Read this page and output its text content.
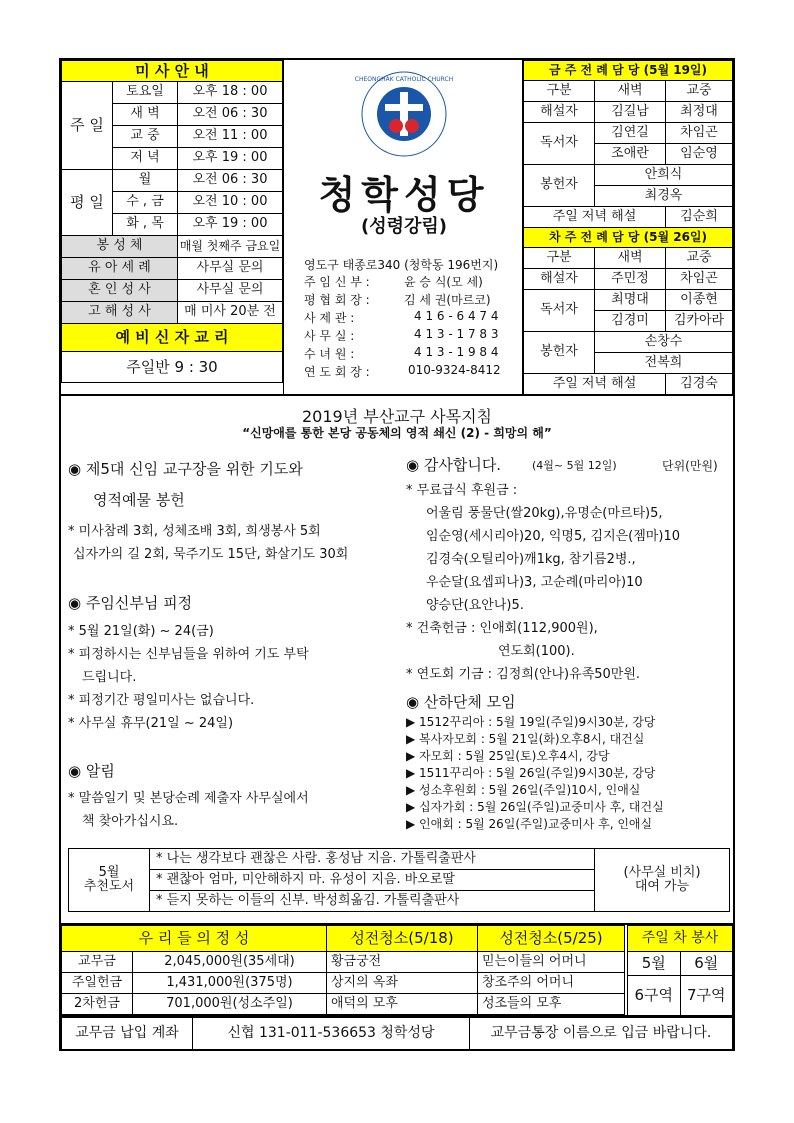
미 사 안 내		
주 일	토요일	오후 18 : 00
	새 벽	오전 06 : 30
	교 중	오전 11 : 00
	저 녁	오후 19 : 00
평 일	월	오전 06 : 30
	수 , 금	오전 10 : 00
	화 , 목	오후 19 : 00
봉 성 체		매월 첫째주 금요일
유 아 세 례		사무실 문의
혼 인 성 사		사무실 문의
고 해 성 사		매 미사 20분 전
예 비 신 자 교 리		
주일반 9 : 30		
CHEONGHAK CATHOLIC CHURCH
청학성당
(성령강림)
영도구 태종로340 (청학동 196번지)
주 임 신 부 :	윤 승 식(모 세)
평 협 회 장 :	김 세 권(마르코)
사 제 관 :	4 1 6 - 6 4 7 4
사 무 실 :	4 1 3 - 1 7 8 3
수 녀 원 :	4 1 3 - 1 9 8 4
연 도 회 장 :	010-9324-8412
금 주 전 례 담 당 (5월 19일)		
구분	새벽	교중
해설자	김길남	최정대
독서자	김연길	차임곤
	조애란	임순영
봉헌자	안희식	
	최경옥	
주일 저녁 해설		김순희
차 주 전 례 담 당 (5월 26일)		
구분	새벽	교중
해설자	주민정	차임곤
독서자	최명대	이종현
	김경미	김카아라
봉헌자	손창수	
	전복희	
주일 저녁 해설		김경숙
2019년 부산교구 사목지침
“신망애를 통한 본당 공동체의 영적 쇄신 (2) - 희망의 해”
◉ 제5대 신임 교구장을 위한 기도와
영적예물 봉헌
* 미사참례 3회, 성체조배 3회, 희생봉사 5회
십자가의 길 2회, 묵주기도 15단, 화살기도 30회
◉ 주임신부님 피정
* 5월 21일(화) ~ 24(금)
* 피정하시는 신부님들을 위하여 기도 부탁
드립니다.
* 피정기간 평일미사는 없습니다.
* 사무실 휴무(21일 ~ 24일)
◉ 알림
* 말씀일기 및 본당순례 제출자 사무실에서
책 찾아가십시요.
◉ 감사합니다.	(4월~ 5월 12일)	단위(만원)
* 무료급식 후원금 :
어울림 풍물단(쌀20kg),유명순(마르타)5,
임순영(세시리아)20, 익명5, 김지은(젬마)10
김경숙(오틸리아)깨1kg, 참기름2병.,
우순달(요셉피나)3, 고순례(마리아)10
양승단(요안나)5.
* 건축헌금 : 인애회(112,900원),
연도회(100).
* 연도회 기금 : 김정희(안나)유족50만원.
◉ 산하단체 모임
▶ 1512꾸리아 : 5월 19일(주일)9시30분, 강당
▶ 복사자모회 : 5월 21일(화)오후8시, 대건실
▶ 자모회 : 5월 25일(토)오후4시, 강당
▶ 1511꾸리아 : 5월 26일(주일)9시30분, 강당
▶ 성소후원회 : 5월 26일(주일)10시, 인애실
▶ 십자가회 : 5월 26일(주일)교중미사 후, 대건실
▶ 인애회 : 5월 26일(주일)교중미사 후, 인애실
5월
추천도서
	* 나는 생각보다 괜찮은 사람. 홍성남 지음. 가톨릭출판사	
(사무실 비치)
대여 가능

* 괜찮아 엄마, 미안해하지 마. 유성이 지음. 바오로딸
* 듣지 못하는 이들의 신부. 박성희옮김. 가톨릭출판사
우 리 들 의 정 성		성전청소(5/18)	성전청소(5/25)
교무금	2,045,000원(35세대)	황금궁전	믿는이들의 어머니
주일헌금	1,431,000원(375명)	상지의 옥좌	창조주의 어머니
2차헌금	701,000원(성소주일)	애덕의 모후	성조들의 모후
주일 차 봉사	
5월	6월
6구역	7구역
교무금 납입 계좌	신협 131-011-536653 청학성당	교무금통장 이름으로 입금 바랍니다.
